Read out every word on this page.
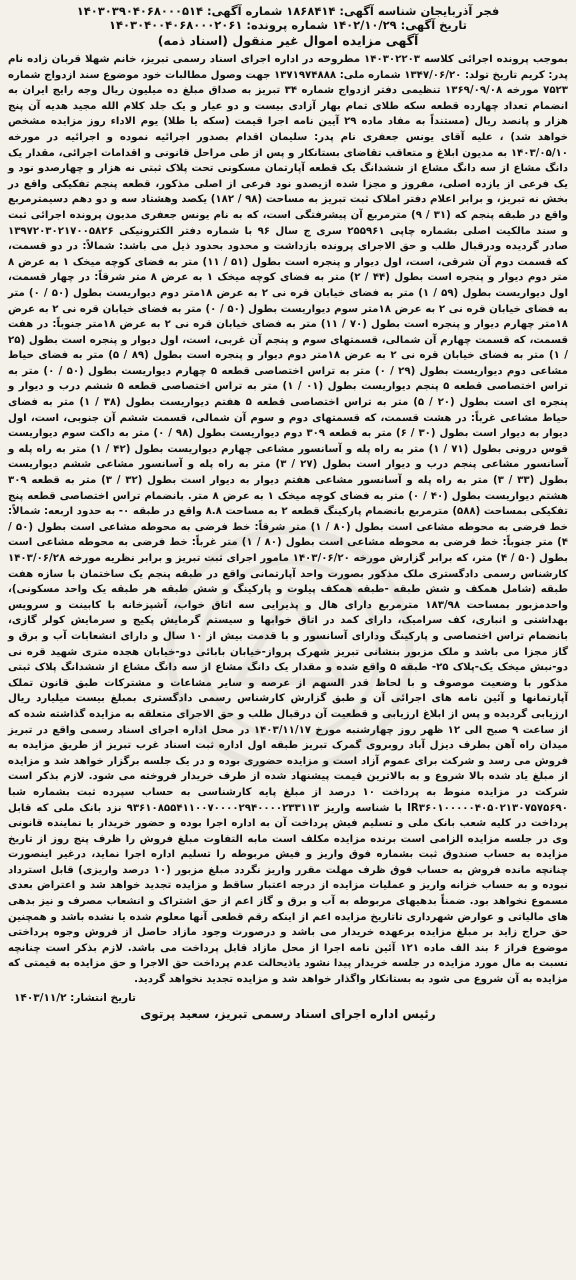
فجر آذربایجان شناسه آگهی: ۱۸۶۸۴۱۴ شماره آگهی: ۱۴۰۳۰۳۹۰۴۰۶۸۰۰۰۵۱۴
تاریخ آگهی: ۱۴۰۲/۱۰/۲۹ شماره پرونده: ۱۴۰۳۰۴۰۰۴۰۶۸۰۰۰۲۰۶۱
آگهی مزایده اموال غیر منقول (اسناد ذمه)
بموجب پرونده اجرائی کلاسه ۱۴۰۳۰۲۲۰۳ مطروحه در اداره اجرای اسناد رسمی تبریز، خانم شهلا قربان زاده نام پدر: کریم تاریخ تولد: ۱۳۴۷/۰۶/۲۰ شماره ملی: ۱۳۷۱۹۷۴۸۸۸ جهت وصول مطالبات خود موضوع سند ازدواج شماره ۷۵۲۳ مورخه ۱۳۶۹/۰۹/۰۸ تنظیمی دفتر ازدواج شماره ۳۴ تبریز به صداق مبلغ ده میلیون ریال وجه رایج ایران به انضمام تعداد چهارده قطعه سکه طلای تمام بهار آزادی بیست و دو عیار و یک جلد کلام الله مجید هدیه آن پنج هزار و پانصد ریال (مستنداً به مفاد ماده ۲۹ آیین نامه اجرا قیمت (سکه یا طلا) یوم الاداء روز مزایده مشخص خواهد شد) ، علیه آقای یونس جعفری نام پدر: سلیمان اقدام بصدور اجرائیه نموده و اجرائیه در مورخه ۱۴۰۳/۰۵/۱۰ به مدیون ابلاغ و متعاقب تقاضای بستانکار و پس از طی مراحل قانونی و اقدامات اجرائی، مقدار یک دانگ مشاع از سه دانگ مشاع از ششدانگ یک قطعه آپارتمان مسکونی تحت پلاک ثبتی نه هزار و چهارصدو نود و یک فرعی از یازده اصلی، مفروز و مجزا شده ازیصدو نود فرعی از اصلی مذکور، قطعه پنجم تفکیکی واقع در بخش نه تبریز، و برابر اعلام دفتر املاک ثبت تبریز به مساحت (۹۸ / ۱۸۲) یکصد وهشتاد سه و دو دهم دسیمترمربع واقع در طبقه پنجم که (۳۱ / ۹) مترمربع آن پیشرفتگی است، که به نام یونس جعفری مدیون پرونده اجرائی ثبت و سند مالکیت اصلی بشماره چاپی ۲۵۵۹۶۱ سری ج سال ۹۶ با شماره دفتر الکترونیکی ۱۳۹۷۲۰۳۰۲۱۷۰۰۵۸۲۶ صادر گردیده ودرقبال طلب و حق الاجرای پرونده بازداشت و محدود بحدود ذیل می باشد: شمالاً: در دو قسمت، که قسمت دوم آن شرقی، است، اول دیوار و پنجره است بطول (۵۱ / ۱۱) متر به فضای کوچه میخک ۱ به عرض ۸ متر دوم دیوار و پنجره است بطول (۴۴ / ۲) متر به فضای کوچه میخک ۱ به عرض ۸ متر شرقاً: در چهار قسمت، اول دیواریست بطول (۵۹ / ۱) متر به فضای خیابان قره نی ۲ به عرض ۱۸متر دوم دیواریست بطول (۵۰ / ۰) متر به فضای خیابان قره نی ۲ به عرض ۱۸متر سوم دیواریست بطول (۵۰ / ۰) متر به فضای خیابان قره نی ۲ به عرض ۱۸متر چهارم دیوار و پنجره است بطول (۷۰ / ۱۱) متر به فضای خیابان قره نی ۲ به عرض ۱۸متر جنوباً: در هفت قسمت، که قسمت چهارم آن شمالی، قسمتهای سوم و پنجم آن غربی، است، اول دیوار و پنجره است بطول (۲۵ / ۱) متر به فضای خیابان قره نی ۲ به عرض ۱۸متر دوم دیوار و پنجره است بطول (۸۹ / ۵) متر به فضای حیاط مشاعی دوم دیواریست بطول (۲۹ / ۰) متر به تراس اختصاصی قطعه ۵ چهارم دیواریست بطول (۵۰ / ۰) متر به تراس اختصاصی قطعه ۵ پنجم دیواریست بطول (۰۱ / ۱) متر به تراس اختصاصی قطعه ۵ ششم درب و دیوار و پنجره ای است بطول (۲۰ / ۵) متر به تراس اختصاصی قطعه ۵ هفتم دیواریست بطول (۳۸ / ۱) متر به فضای حیاط مشاعی غرباً: در هشت قسمت، که قسمتهای دوم و سوم آن شمالی، قسمت ششم آن جنوبی، است، اول دیوار به دیوار است بطول (۳۰ / ۶) متر به قطعه ۳۰۹ دوم دیواریست بطول (۹۸ / ۰) متر به داکت سوم دیواریست قوس درونی بطول (۷۱ / ۱) متر به راه پله و آسانسور مشاعی چهارم دیواریست بطول (۴۲ / ۱) متر به راه پله و آسانسور مشاعی پنجم درب و دیوار است بطول (۲۷ / ۳) متر به راه پله و آسانسور مشاعی ششم دیواریست بطول (۳۳ / ۳) متر به راه پله و آسانسور مشاعی هفتم دیوار به دیوار است بطول (۳۲ / ۳) متر به قطعه ۳۰۹ هشتم دیواریست بطول (۴۰ / ۰) متر به فضای کوچه میخک ۱ به عرض ۸ متر. بانضمام تراس اختصاصی قطعه پنج تفکیکی بمساحت (۵۸۸) مترمربع بانضمام پارکینگ قطعه ۲ به مساحت ۸.۸ واقع در طبقه ۰- به حدود اربعه: شمالاً: خط فرضی به محوطه مشاعی است بطول (۸۰ / ۱) متر شرقاً: خط فرضی به محوطه مشاعی است بطول (۵۰ / ۴) متر جنوباً: خط فرضی به محوطه مشاعی است بطول (۸۰ / ۱) متر غرباً: خط فرضی به محوطه مشاعی است بطول (۵۰ / ۴) متر، که برابر گزارش مورخه ۱۴۰۳/۰۶/۲۰ مامور اجرای ثبت تبریز و برابر نظریه مورخه ۱۴۰۳/۰۶/۲۸ کارشناس رسمی دادگستری ملک مذکور بصورت واحد آپارتمانی واقع در طبقه پنجم یک ساختمان با سازه هفت طبقه (شامل همکف و شش طبقه -طبقه همکف پیلوت و پارکینگ و شش طبقه هر طبقه یک واحد مسکونی)، واحدمزبور بمساحت ۱۸۳/۹۸ مترمربع دارای هال و پذیرایی سه اتاق خواب، آشپزخانه با کابینت و سرویس بهداشتی و انباری، کف سرامیک، دارای کمد در اتاق خوابها و سیستم گرمایش پکیج و سرمایش کولر گازی، بانضمام تراس اختصاصی و پارکینگ ودارای آسانسور و با قدمت بیش از ۱۰ سال و دارای انشعابات آب و برق و گاز مجزا می باشد و ملک مزبور بنشانی تبریز شهرک پرواز-خیابان بابائی دو-خیابان هجده متری شهید قره نی دو-نبش میخک یک-پلاک ۲۵- طبقه ۵ واقع شده و مقدار یک دانگ مشاع از سه دانگ مشاع از ششدانگ پلاک ثبتی مذکور با وضعیت موصوف و با لحاظ قدر السهم از عرصه و سایر مشاعات و مشترکات طبق قانون تملک آپارتمانها و آئین نامه های اجرائی آن و طبق گزارش کارشناس رسمی دادگستری بمبلغ بیست میلیارد ریال ارزیابی گردیده و پس از ابلاغ ارزیابی و قطعیت آن درقبال طلب و حق الاجرای متعلقه به مزایده گذاشته شده که از ساعت ۹ صبح الی ۱۲ ظهر روز چهارشنبه مورخ ۱۴۰۳/۱۱/۱۷ در محل اداره اجرای اسناد رسمی واقع در تبریز میدان راه آهن بطرف دیزل آباد روبروی گمرک تبریز طبقه اول اداره ثبت اسناد غرب تبریز از طریق مزایده به فروش می رسد و شرکت برای عموم آزاد است و مزایده حضوری بوده و در یک جلسه برگزار خواهد شد و مزایده از مبلغ یاد شده بالا شروع و به بالاترین قیمت پیشنهاد شده از طرف خریدار فروخته می شود. لازم بذکر است شرکت در مزایده منوط به پرداخت ۱۰ درصد از مبلغ پایه کارشناسی به حساب سپرده ثبت بشماره شبا IR۳۶۰۱۰۰۰۰۰۴۰۵۰۲۱۳۰۷۵۷۵۶۹۰ با شناسه واریز ۹۳۶۱۰۸۵۵۴۱۱۰۰۷۰۰۰۰۲۹۴۰۰۰۰۲۳۳۱۱۳ نزد بانک ملی که قابل پرداخت در کلیه شعب بانک ملی و تسلیم فیش پرداخت آن به اداره اجرا بوده و حضور خریدار یا نماینده قانونی وی در جلسه مزایده الزامی است برنده مزایده مکلف است مابه التفاوت مبلغ فروش را ظرف پنج روز از تاریخ مزایده به حساب صندوق ثبت بشماره فوق واریز و فیش مربوطه را تسلیم اداره اجرا نماید، درغیر اینصورت چنانچه مانده فروش به حساب فوق ظرف مهلت مقرر واریز نگردد مبلغ مزبور (۱۰ درصد واریزی) قابل استرداد نبوده و به حساب خزانه واریز و عملیات مزایده از درجه اعتبار ساقط و مزایده تجدید خواهد شد و اعتراض بعدی مسموع نخواهد بود. ضمناً بدهیهای مربوطه به آب و برق و گاز اعم از حق اشتراک و انشعاب مصرف و نیز بدهی های مالیاتی و عوارض شهرداری تاتاریخ مزایده اعم از اینکه رقم قطعی آنها معلوم شده یا نشده باشد و همچنین حق حراج زاید بر مبلغ مزایده برعهده خریدار می باشد و درصورت وجود مازاد حاصل از فروش وجوه پرداختی موضوع فراز ۶ بند الف ماده ۱۲۱ آئین نامه اجرا از محل مازاد قابل پرداخت می باشد. لازم بذکر است چنانچه نسبت به مال مورد مزایده در جلسه خریدار پیدا نشود یاذیحالت عدم پرداخت حق الاجرا و حق مزایده به قیمتی که مزایده به آن شروع می شود به بستانکار واگذار خواهد شد و مزایده تجدید نخواهد گردید.
تاریخ انتشار: ۱۴۰۳/۱۱/۲
رئیس اداره اجرای اسناد رسمی تبریز، سعید پرتوی
